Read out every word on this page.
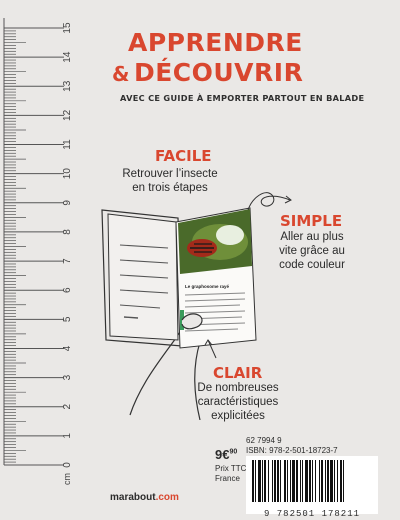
0
1
2
3
4
5
6
7
8
9
10
11
12
13
14
15
cm
APPRENDRE
& DÉCOUVRIR
AVEC CE GUIDE À EMPORTER PARTOUT EN BALADE
FACILE
Retrouver l’insecte
en trois étapes
SIMPLE
Aller au plus
vite grâce au
code couleur
CLAIR
De nombreuses
caractéristiques
explicitées
Le graphosome rayé
9€$^{90}$
Prix TTC
France
62 7994 9
ISBN: 978-2-501-18723-7
9 782501 178211
marabout.com
